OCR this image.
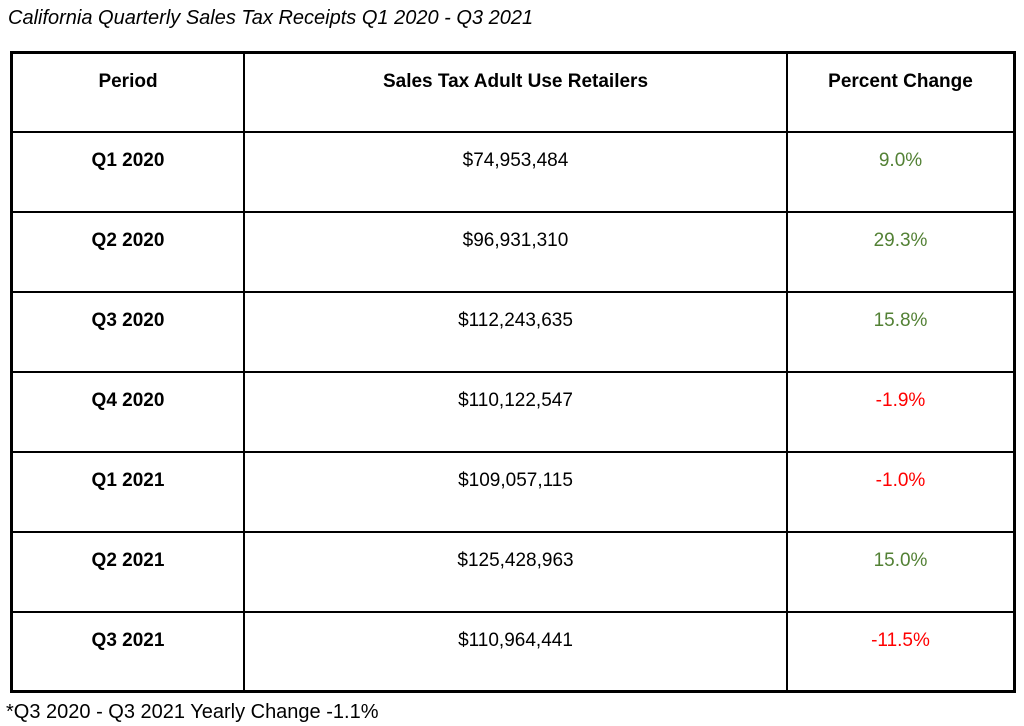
California Quarterly Sales Tax Receipts Q1 2020 - Q3 2021
Period	Sales Tax Adult Use Retailers	Percent Change
Q1 2020	$74,953,484	9.0%
Q2 2020	$96,931,310	29.3%
Q3 2020	$112,243,635	15.8%
Q4 2020	$110,122,547	-1.9%
Q1 2021	$109,057,115	-1.0%
Q2 2021	$125,428,963	15.0%
Q3 2021	$110,964,441	-11.5%
*Q3 2020 - Q3 2021 Yearly Change -1.1%
